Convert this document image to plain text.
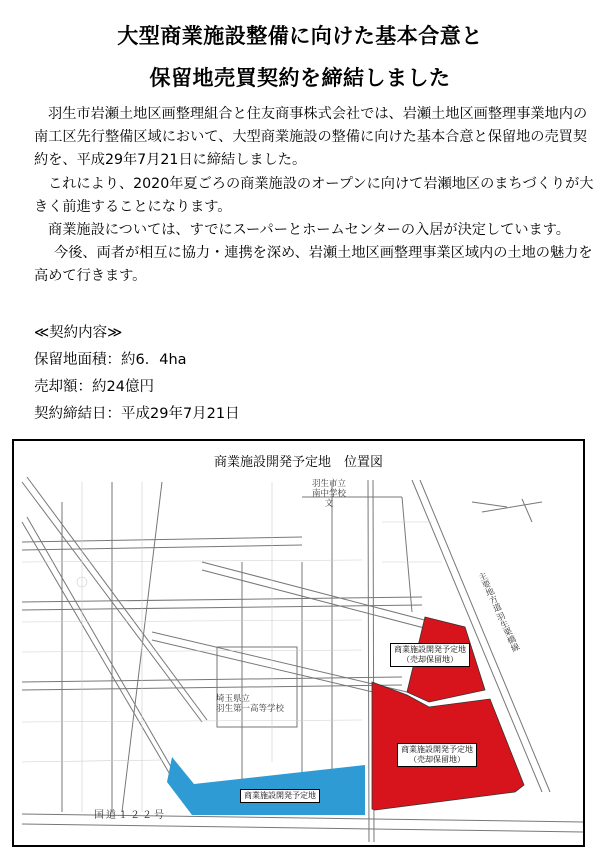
大型商業施設整備に向けた基本合意と
保留地売買契約を締結しました

羽生市岩瀬土地区画整理組合と住友商事株式会社では、岩瀬土地区画整理事業地内の南工区先行整備区域において、大型商業施設の整備に向けた基本合意と保留地の売買契約を、平成29年7月21日に締結しました。

これにより、2020年夏ごろの商業施設のオープンに向けて岩瀬地区のまちづくりが大きく前進することになります。

商業施設については、すでにスーパーとホームセンターの入居が決定しています。

今後、両者が相互に協力・連携を深め、岩瀬土地区画整理事業区域内の土地の魅力を高めて行きます。

≪契約内容≫
保留地面積：約6．4ha
売却額：約24億円
契約締結日：平成29年7月21日
商業施設開発予定地　位置図
商業施設開発予定地
（売却保留地）
商業施設開発予定地
（売却保留地）
商業施設開発予定地
羽生市立
南中学校
文
埼玉県立
羽生第一高等学校
主要地方道
羽生栗橋線
国道１２２号
